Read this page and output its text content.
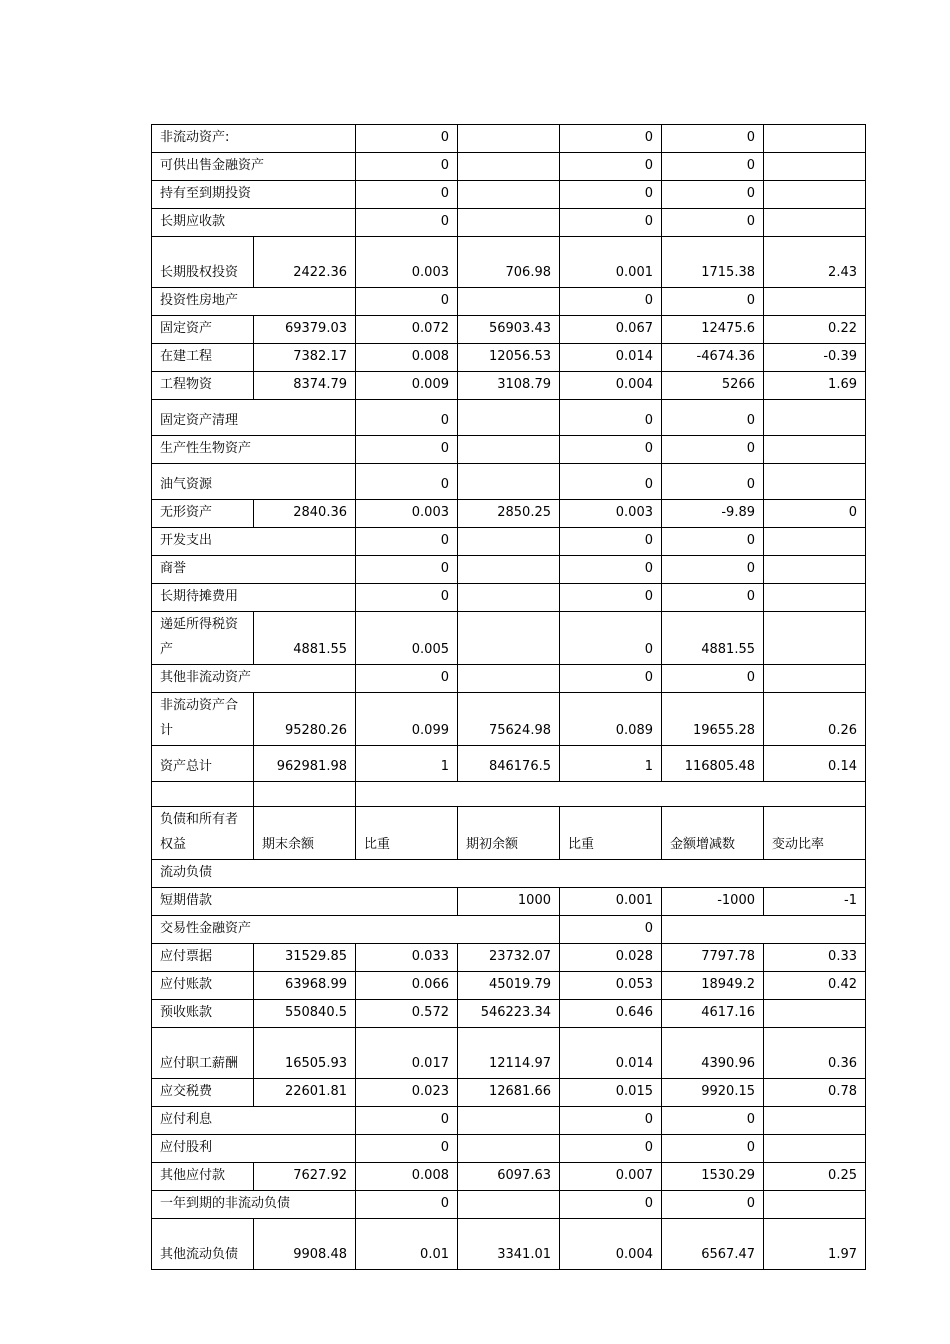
非流动资产:		0		0	0	
可供出售金融资产		0		0	0	
持有至到期投资		0		0	0	
长期应收款		0		0	0	
长期股权投资	2422.36	0.003	706.98	0.001	1715.38	2.43
投资性房地产		0		0	0	
固定资产	69379.03	0.072	56903.43	0.067	12475.6	0.22
在建工程	7382.17	0.008	12056.53	0.014	-4674.36	-0.39
工程物资	8374.79	0.009	3108.79	0.004	5266	1.69
固定资产清理		0		0	0	
生产性生物资产		0		0	0	
油气资源		0		0	0	
无形资产	2840.36	0.003	2850.25	0.003	-9.89	0
开发支出		0		0	0	
商誉		0		0	0	
长期待摊费用		0		0	0	
递延所得税资产	4881.55	0.005		0	4881.55	
其他非流动资产		0		0	0	
非流动资产合计	95280.26	0.099	75624.98	0.089	19655.28	0.26
资产总计	962981.98	1	846176.5	1	116805.48	0.14

负债和所有者权益	期末余额	比重	期初余额	比重	金额增减数	变动比率
流动负债						
短期借款			1000	0.001	-1000	-1
交易性金融资产				0		
应付票据	31529.85	0.033	23732.07	0.028	7797.78	0.33
应付账款	63968.99	0.066	45019.79	0.053	18949.2	0.42
预收账款	550840.5	0.572	546223.34	0.646	4617.16	
应付职工薪酬	16505.93	0.017	12114.97	0.014	4390.96	0.36
应交税费	22601.81	0.023	12681.66	0.015	9920.15	0.78
应付利息		0		0	0	
应付股利		0		0	0	
其他应付款	7627.92	0.008	6097.63	0.007	1530.29	0.25
一年到期的非流动负债		0		0	0	
其他流动负债	9908.48	0.01	3341.01	0.004	6567.47	1.97
